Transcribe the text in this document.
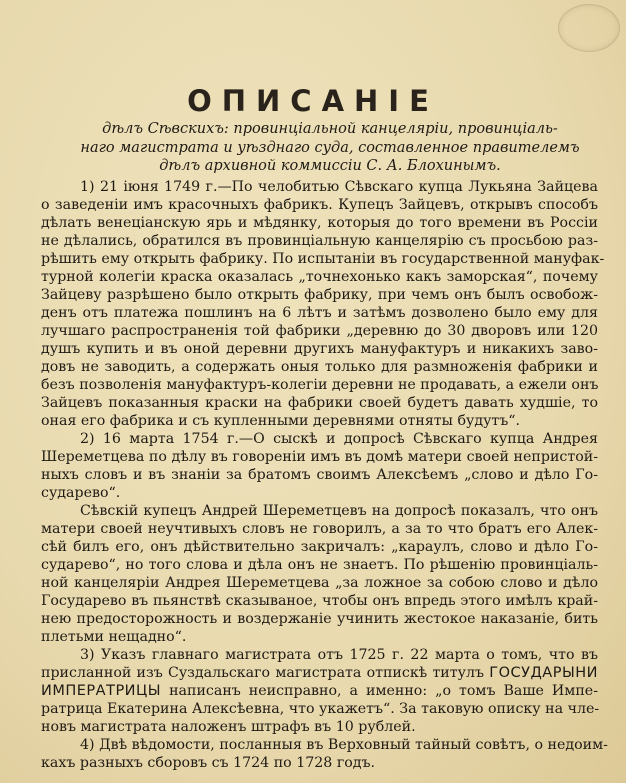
ОПИСАНІЕ
дѣлъ Сѣвскихъ: провинціальной канцеляріи, провинціаль-
наго магистрата и уѣзднаго суда, составленное правителемъ
дѣлъ архивной коммиссіи С. А. Блохинымъ.
1) 21 іюня 1749 г.—По челобитью Сѣвскаго купца Лукьяна Зайцева
о заведеніи имъ красочныхъ фабрикъ. Купецъ Зайцевъ, открывъ способъ
дѣлать венеціанскую ярь и мѣдянку, которыя до того времени въ Россіи
не дѣлались, обратился въ провинціальную канцелярію съ просьбою раз-
рѣшить ему открыть фабрику. По испытаніи въ государственной мануфак-
турной колегіи краска оказалась „точнехонько какъ заморская“, почему
Зайцеву разрѣшено было открыть фабрику, при чемъ онъ былъ освобож-
денъ отъ платежа пошлинъ на 6 лѣтъ и затѣмъ дозволено было ему для
лучшаго распространенія той фабрики „деревню до 30 дворовъ или 120
душъ купить и въ оной деревни другихъ мануфактуръ и никакихъ заво-
довъ не заводить, а содержать оныя только для размноженія фабрики и
безъ позволенія мануфактуръ-колегіи деревни не продавать, а ежели онъ
Зайцевъ показанныя краски на фабрики своей будетъ давать худшіе, то
оная его фабрика и съ купленными деревнями отняты будутъ“.
2) 16 марта 1754 г.—О сыскѣ и допросѣ Сѣвскаго купца Андрея
Шереметцева по дѣлу въ говореніи имъ въ домѣ матери своей непристой-
ныхъ словъ и въ знаніи за братомъ своимъ Алексѣемъ „слово и дѣло Го-
сударево“.
Сѣвскій купецъ Андрей Шереметцевъ на допросѣ показалъ, что онъ
матери своей неучтивыхъ словъ не говорилъ, а за то что братъ его Алек-
сѣй билъ его, онъ дѣйствительно закричалъ: „караулъ, слово и дѣло Го-
сударево“, но того слова и дѣла онъ не знаетъ. По рѣшенію провинціаль-
ной канцеляріи Андрея Шереметцева „за ложное за собою слово и дѣло
Государево въ пьянствѣ сказываное, чтобы онъ впредь этого имѣлъ край-
нею предосторожность и воздержаніе учинить жестокое наказаніе, бить
плетьми нещадно“.
3) Указъ главнаго магистрата отъ 1725 г. 22 марта о томъ, что въ
присланной изъ Суздальскаго магистрата отпискѣ титулъ ГОСУДАРЫНИ
ИМПЕРАТРИЦЫ написанъ неисправно, а именно: „о томъ Ваше Импе-
ратрица Екатерина Алексѣевна, что укажетъ“. За таковую описку на чле-
новъ магистрата наложенъ штрафъ въ 10 рублей.
4) Двѣ вѣдомости, посланныя въ Верховный тайный совѣтъ, о недоим-
кахъ разныхъ сборовъ съ 1724 по 1728 годъ.
